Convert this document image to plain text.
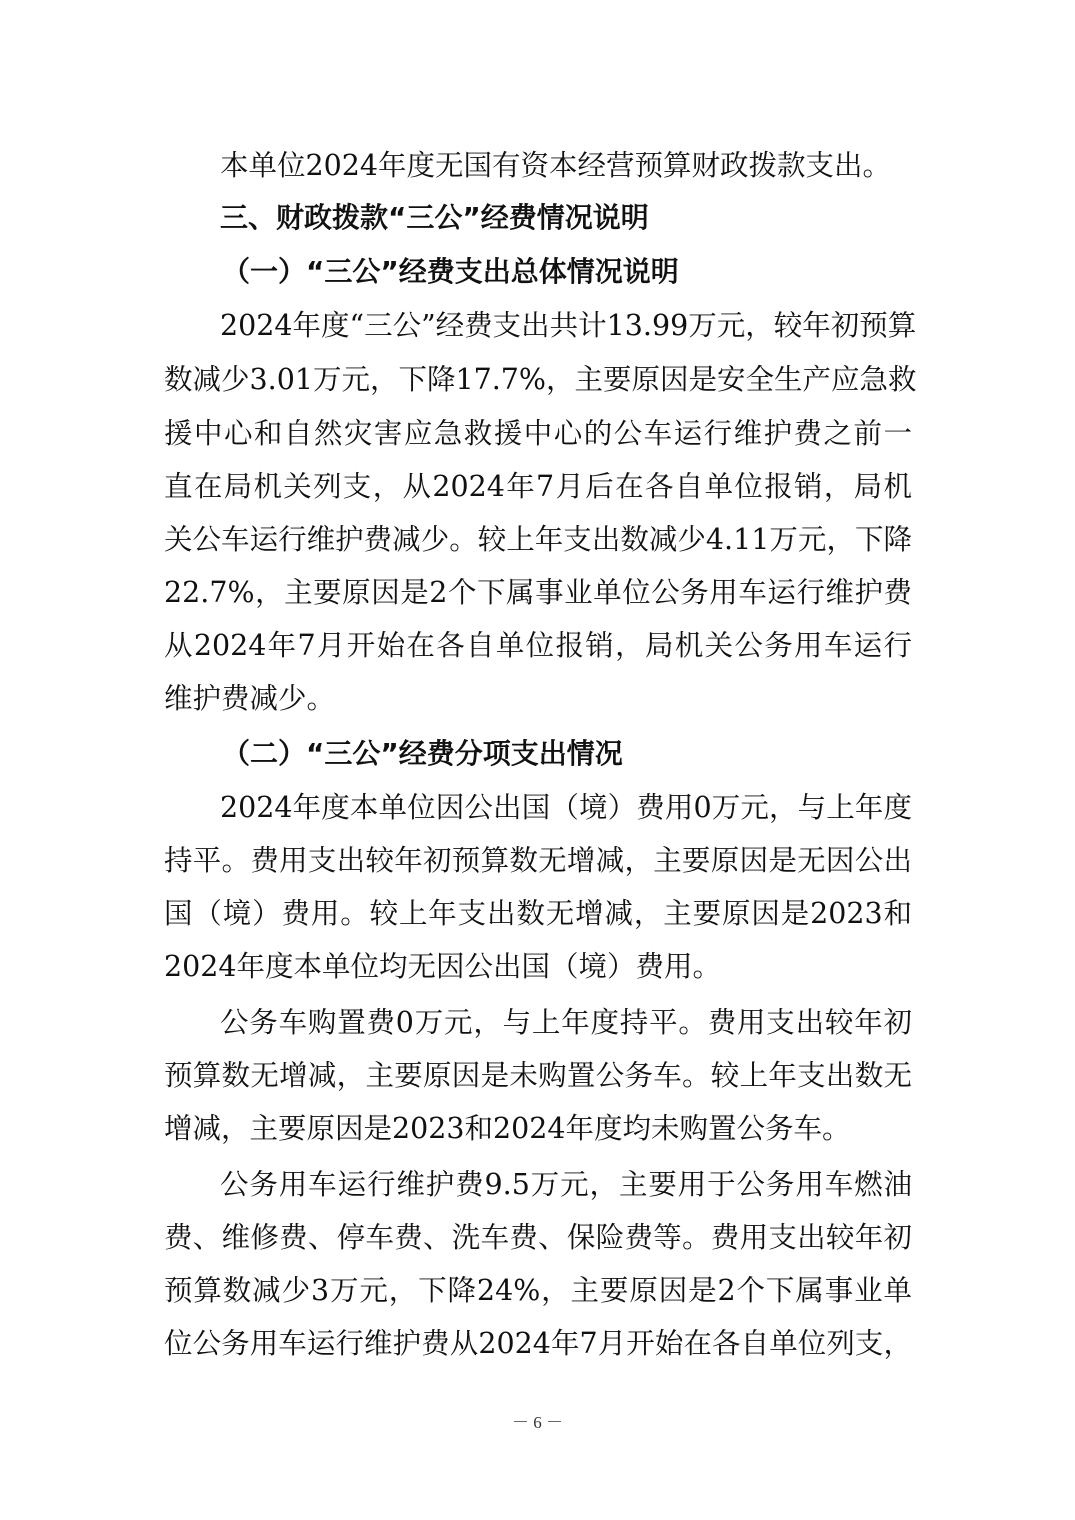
本单位2024年度无国有资本经营预算财政拨款支出。
三、财政拨款“三公”经费情况说明
（一）“三公”经费支出总体情况说明
2024年度“三公”经费支出共计13.99万元，较年初预算
数减少3.01万元，下降17.7%，主要原因是安全生产应急救
援中心和自然灾害应急救援中心的公车运行维护费之前一
直在局机关列支，从2024年7月后在各自单位报销，局机
关公车运行维护费减少。较上年支出数减少4.11万元，下降
22.7%，主要原因是2个下属事业单位公务用车运行维护费
从2024年7月开始在各自单位报销，局机关公务用车运行
维护费减少。
（二）“三公”经费分项支出情况
2024年度本单位因公出国（境）费用0万元，与上年度
持平。费用支出较年初预算数无增减，主要原因是无因公出
国（境）费用。较上年支出数无增减，主要原因是2023和
2024年度本单位均无因公出国（境）费用。
公务车购置费0万元，与上年度持平。费用支出较年初
预算数无增减，主要原因是未购置公务车。较上年支出数无
增减，主要原因是2023和2024年度均未购置公务车。
公务用车运行维护费9.5万元，主要用于公务用车燃油
费、维修费、停车费、洗车费、保险费等。费用支出较年初
预算数减少3万元，下降24%，主要原因是2个下属事业单
位公务用车运行维护费从2024年7月开始在各自单位列支，
－ 6 －
